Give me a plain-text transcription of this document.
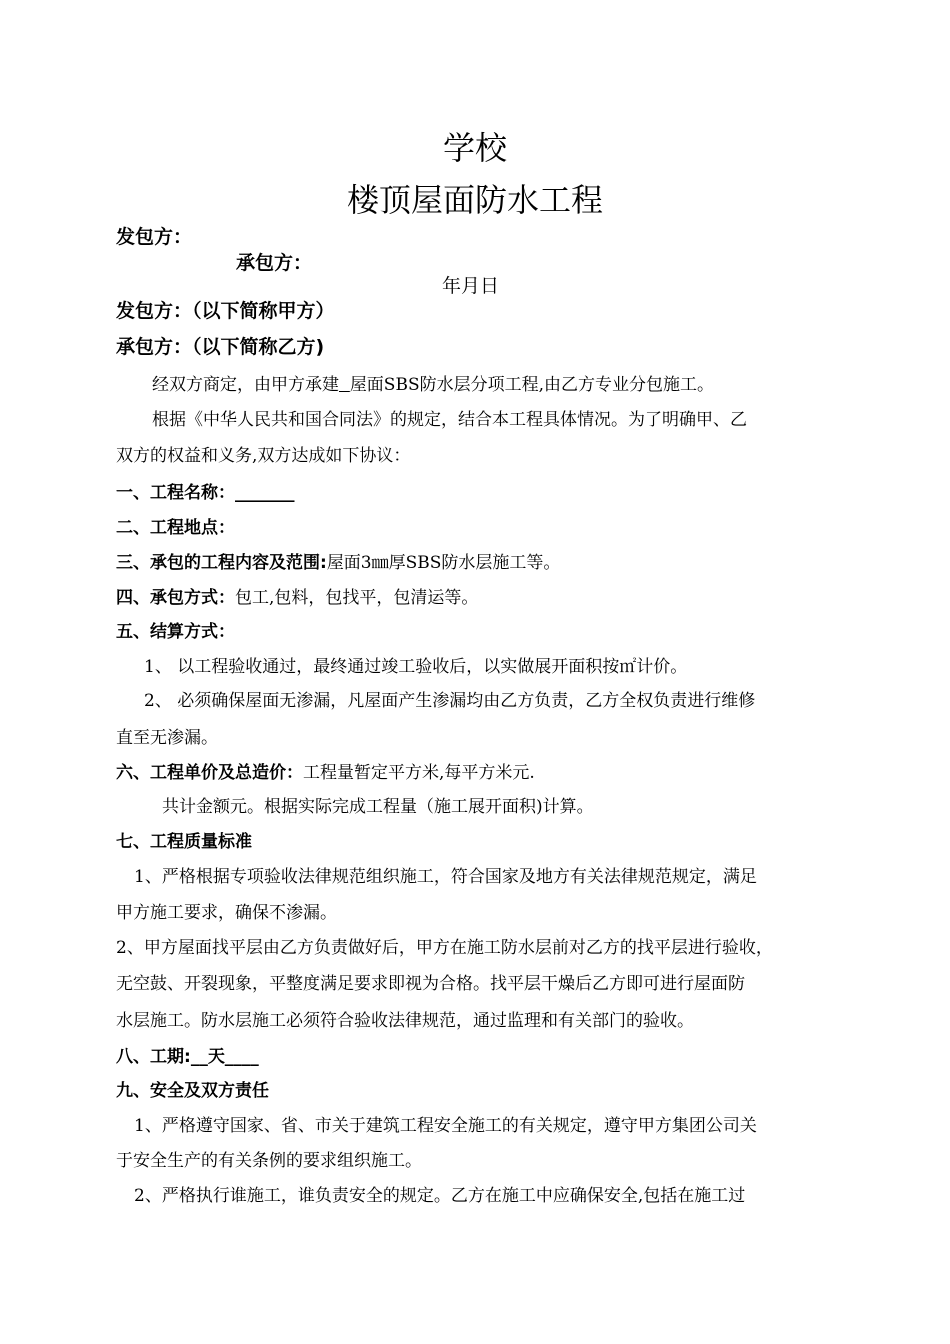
学校
楼顶屋面防水工程
发包方：
承包方：
年月日
发包方：（以下简称甲方）
承包方：（以下简称乙方)
经双方商定，由甲方承建 屋面SBS防水层分项工程,由乙方专业分包施工。
根据《中华人民共和国合同法》的规定，结合本工程具体情况。为了明确甲、乙
双方的权益和义务,双方达成如下协议：
一、工程名称：_______
二、工程地点：
三、承包的工程内容及范围:屋面3㎜厚SBS防水层施工等。
四、承包方式：包工,包料，包找平，包清运等。
五、结算方式：
1、 以工程验收通过，最终通过竣工验收后，以实做展开面积按㎡计价。
2、 必须确保屋面无渗漏，凡屋面产生渗漏均由乙方负责，乙方全权负责进行维修
直至无渗漏。
六、工程单价及总造价：工程量暂定平方米,每平方米元.
共计金额元。根据实际完成工程量（施工展开面积)计算。
七、工程质量标准
1、严格根据专项验收法律规范组织施工，符合国家及地方有关法律规范规定，满足
甲方施工要求，确保不渗漏。
2、甲方屋面找平层由乙方负责做好后，甲方在施工防水层前对乙方的找平层进行验收，
无空鼓、开裂现象，平整度满足要求即视为合格。找平层干燥后乙方即可进行屋面防
水层施工。防水层施工必须符合验收法律规范，通过监理和有关部门的验收。
八、工期:__天____
九、安全及双方责任
1、严格遵守国家、省、市关于建筑工程安全施工的有关规定，遵守甲方集团公司关
于安全生产的有关条例的要求组织施工。
2、严格执行谁施工，谁负责安全的规定。乙方在施工中应确保安全,包括在施工过
